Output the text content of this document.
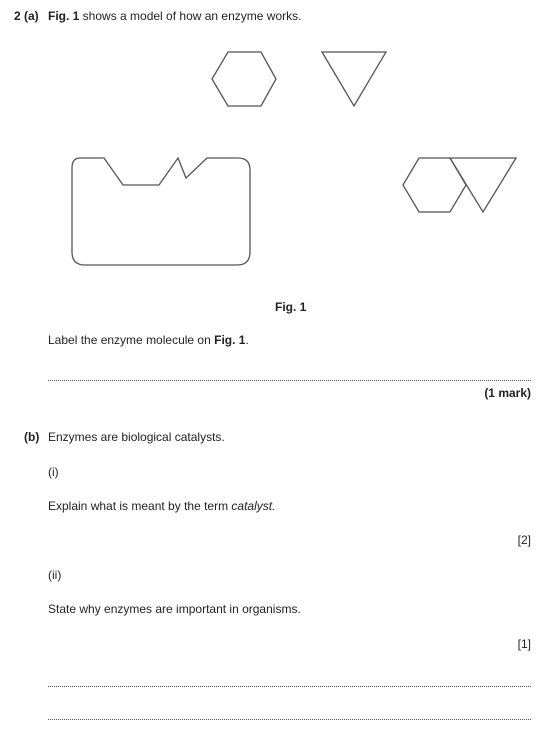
2 (a) Fig. 1 shows a model of how an enzyme works.
Fig. 1
Label the enzyme molecule on Fig. 1.
(1 mark)
(b) Enzymes are biological catalysts.
(i)
Explain what is meant by the term catalyst.
[2]
(ii)
State why enzymes are important in organisms.
[1]
